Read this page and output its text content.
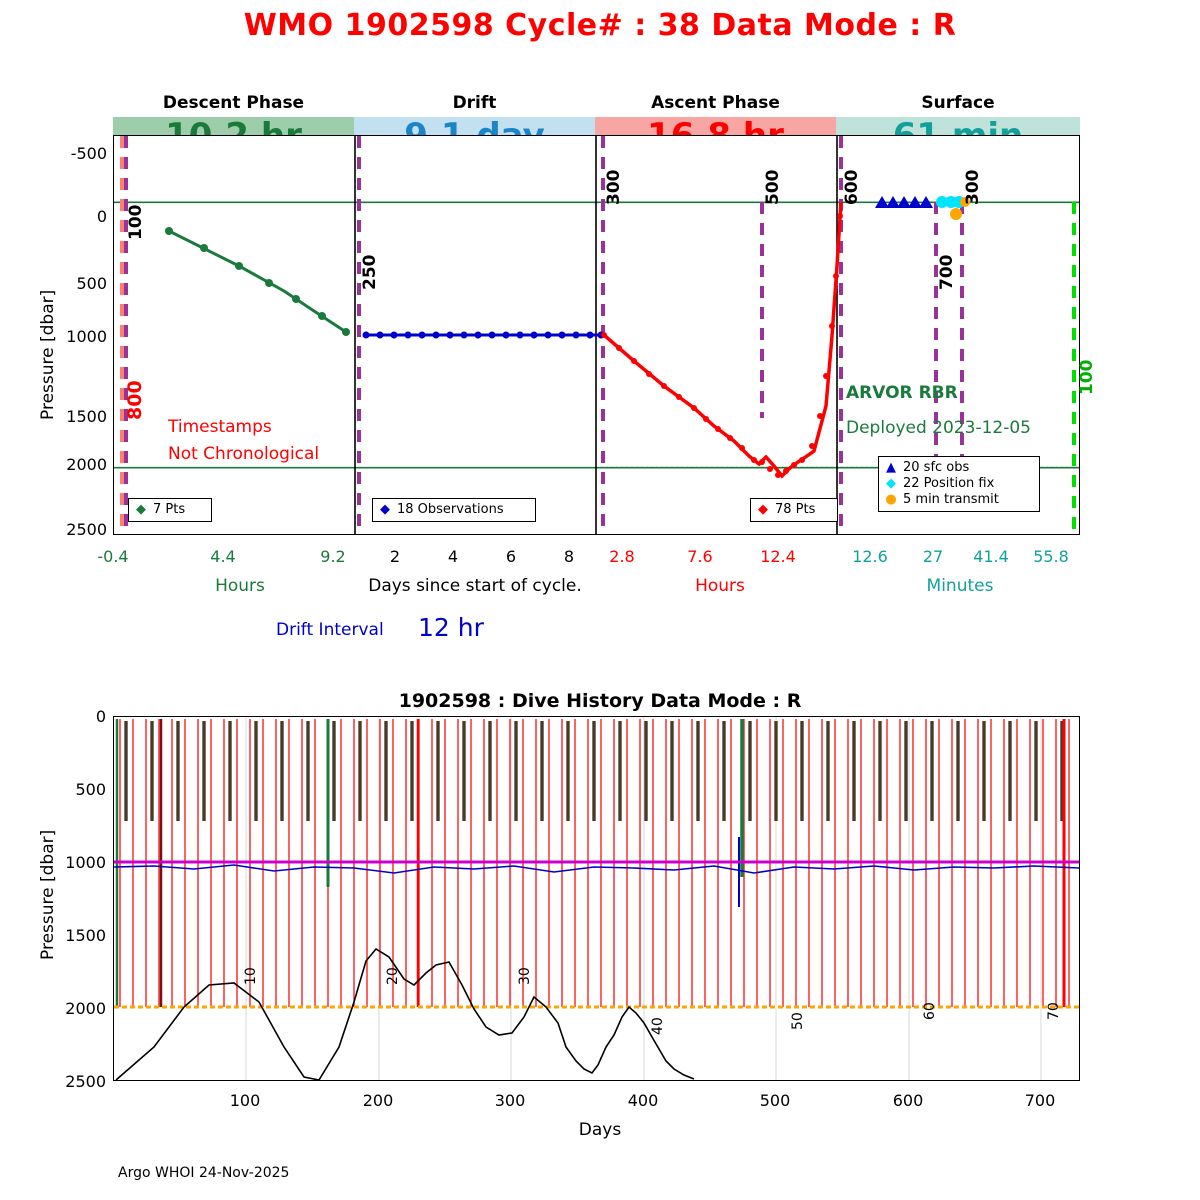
WMO 1902598 Cycle# : 38 Data Mode : R
Descent Phase	Drift	Ascent Phase	Surface
100
800
250
300	500	600
700
300
100
Pressure [dbar]
-500
0
500
1000
1500
2000
2500
Timestamps
Not Chronological
ARVOR RBR
Deployed 2023-12-05
◆ 7 Pts	◆ 18 Observations	◆ 78 Pts
▲ 20 sfc obs
◆ 22 Position fix
● 5 min transmit
-0.4	4.4	9.2	2	4	6	8	2.8	7.6	12.4	12.6	27	41.4	55.8
Hours	Days since start of cycle.	Hours	Minutes
Drift Interval 12 hr
1902598 : Dive History Data Mode : R
10	20	30
40	50
60	70
Pressure [dbar]
0
500
1000
1500
2000
2500
100	200	300	400	500	600	700
Days
Argo WHOI 24-Nov-2025
